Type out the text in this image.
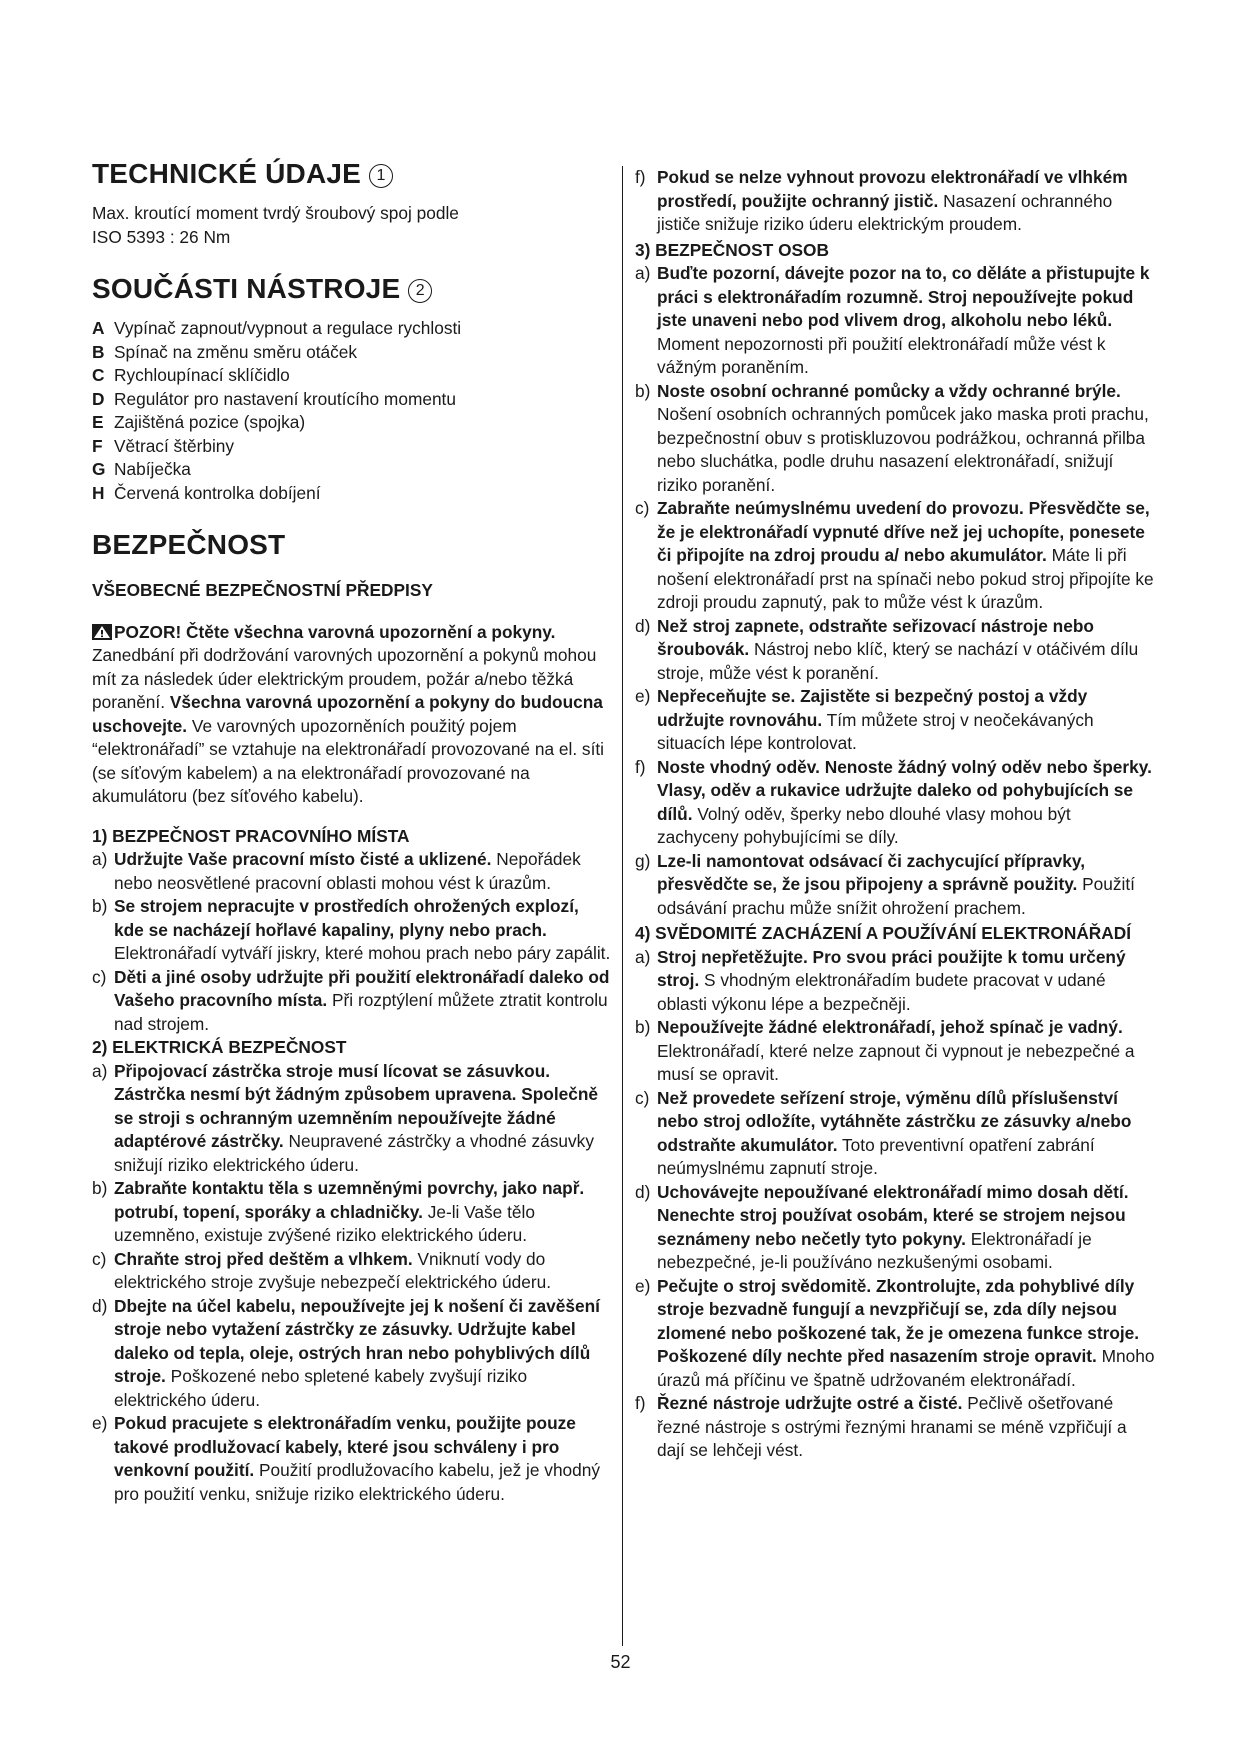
TECHNICKÉ ÚDAJE 1

Max. kroutící moment tvrdý šroubový spoj podle
ISO 5393 : 26 Nm

SOUČÁSTI NÁSTROJE 2
A Vypínač zapnout/vypnout a regulace rychlosti
B Spínač na změnu směru otáček
C Rychloupínací sklíčidlo
D Regulátor pro nastavení kroutícího momentu
E Zajištěná pozice (spojka)
F Větrací štěrbiny
G Nabíječka
H Červená kontrolka dobíjení
BEZPEČNOST
VŠEOBECNÉ BEZPEČNOSTNÍ PŘEDPISY

POZOR! Čtěte všechna varovná upozornění a pokyny. Zanedbání při dodržování varovných upozornění a pokynů mohou mít za následek úder elektrickým proudem, požár a/nebo těžká poranění. Všechna varovná upozornění a pokyny do budoucna uschovejte. Ve varovných upozorněních použitý pojem “elektronářadí” se vztahuje na elektronářadí provozované na el. síti (se síťovým kabelem) a na elektronářadí provozované na akumulátoru (bez síťového kabelu).

1) BEZPEČNOST PRACOVNÍHO MÍSTA
a) Udržujte Vaše pracovní místo čisté a uklizené. Nepořádek nebo neosvětlené pracovní oblasti mohou vést k úrazům.
b) Se strojem nepracujte v prostředích ohrožených explozí, kde se nacházejí hořlavé kapaliny, plyny nebo prach. Elektronářadí vytváří jiskry, které mohou prach nebo páry zapálit.
c) Děti a jiné osoby udržujte při použití elektronářadí daleko od Vašeho pracovního místa. Při rozptýlení můžete ztratit kontrolu nad strojem.
2) ELEKTRICKÁ BEZPEČNOST
a) Připojovací zástrčka stroje musí lícovat se zásuvkou. Zástrčka nesmí být žádným způsobem upravena. Společně se stroji s ochranným uzemněním nepoužívejte žádné adaptérové zástrčky. Neupravené zástrčky a vhodné zásuvky snižují riziko elektrického úderu.
b) Zabraňte kontaktu těla s uzemněnými povrchy, jako např. potrubí, topení, sporáky a chladničky. Je-li Vaše tělo uzemněno, existuje zvýšené riziko elektrického úderu.
c) Chraňte stroj před deštěm a vlhkem. Vniknutí vody do elektrického stroje zvyšuje nebezpečí elektrického úderu.
d) Dbejte na účel kabelu, nepoužívejte jej k nošení či zavěšení stroje nebo vytažení zástrčky ze zásuvky. Udržujte kabel daleko od tepla, oleje, ostrých hran nebo pohyblivých dílů stroje. Poškozené nebo spletené kabely zvyšují riziko elektrického úderu.
e) Pokud pracujete s elektronářadím venku, použijte pouze takové prodlužovací kabely, které jsou schváleny i pro venkovní použití. Použití prodlužovacího kabelu, jež je vhodný pro použití venku, snižuje riziko elektrického úderu.
f) Pokud se nelze vyhnout provozu elektronářadí ve vlhkém prostředí, použijte ochranný jistič. Nasazení ochranného jističe snižuje riziko úderu elektrickým proudem.
3) BEZPEČNOST OSOB
a) Buďte pozorní, dávejte pozor na to, co děláte a přistupujte k práci s elektronářadím rozumně. Stroj nepoužívejte pokud jste unaveni nebo pod vlivem drog, alkoholu nebo léků. Moment nepozornosti při použití elektronářadí může vést k vážným poraněním.
b) Noste osobní ochranné pomůcky a vždy ochranné brýle. Nošení osobních ochranných pomůcek jako maska proti prachu, bezpečnostní obuv s protiskluzovou podrážkou, ochranná přilba nebo sluchátka, podle druhu nasazení elektronářadí, snižují riziko poranění.
c) Zabraňte neúmyslnému uvedení do provozu. Přesvědčte se, že je elektronářadí vypnuté dříve než jej uchopíte, ponesete či připojíte na zdroj proudu a/ nebo akumulátor. Máte li při nošení elektronářadí prst na spínači nebo pokud stroj připojíte ke zdroji proudu zapnutý, pak to může vést k úrazům.
d) Než stroj zapnete, odstraňte seřizovací nástroje nebo šroubovák. Nástroj nebo klíč, který se nachází v otáčivém dílu stroje, může vést k poranění.
e) Nepřeceňujte se. Zajistěte si bezpečný postoj a vždy udržujte rovnováhu. Tím můžete stroj v neočekávaných situacích lépe kontrolovat.
f) Noste vhodný oděv. Nenoste žádný volný oděv nebo šperky. Vlasy, oděv a rukavice udržujte daleko od pohybujících se dílů. Volný oděv, šperky nebo dlouhé vlasy mohou být zachyceny pohybujícími se díly.
g) Lze-li namontovat odsávací či zachycující přípravky, přesvědčte se, že jsou připojeny a správně použity. Použití odsávání prachu může snížit ohrožení prachem.
4) SVĚDOMITÉ ZACHÁZENÍ A POUŽÍVÁNÍ ELEKTRONÁŘADÍ
a) Stroj nepřetěžujte. Pro svou práci použijte k tomu určený stroj. S vhodným elektronářadím budete pracovat v udané oblasti výkonu lépe a bezpečněji.
b) Nepoužívejte žádné elektronářadí, jehož spínač je vadný. Elektronářadí, které nelze zapnout či vypnout je nebezpečné a musí se opravit.
c) Než provedete seřízení stroje, výměnu dílů příslušenství nebo stroj odložíte, vytáhněte zástrčku ze zásuvky a/nebo odstraňte akumulátor. Toto preventivní opatření zabrání neúmyslnému zapnutí stroje.
d) Uchovávejte nepoužívané elektronářadí mimo dosah dětí. Nenechte stroj používat osobám, které se strojem nejsou seznámeny nebo nečetly tyto pokyny. Elektronářadí je nebezpečné, je-li používáno nezkušenými osobami.
e) Pečujte o stroj svědomitě. Zkontrolujte, zda pohyblivé díly stroje bezvadně fungují a nevzpřičují se, zda díly nejsou zlomené nebo poškozené tak, že je omezena funkce stroje. Poškozené díly nechte před nasazením stroje opravit. Mnoho úrazů má příčinu ve špatně udržovaném elektronářadí.
f) Řezné nástroje udržujte ostré a čisté. Pečlivě ošetřované řezné nástroje s ostrými řeznými hranami se méně vzpřičují a dají se lehčeji vést.
52
